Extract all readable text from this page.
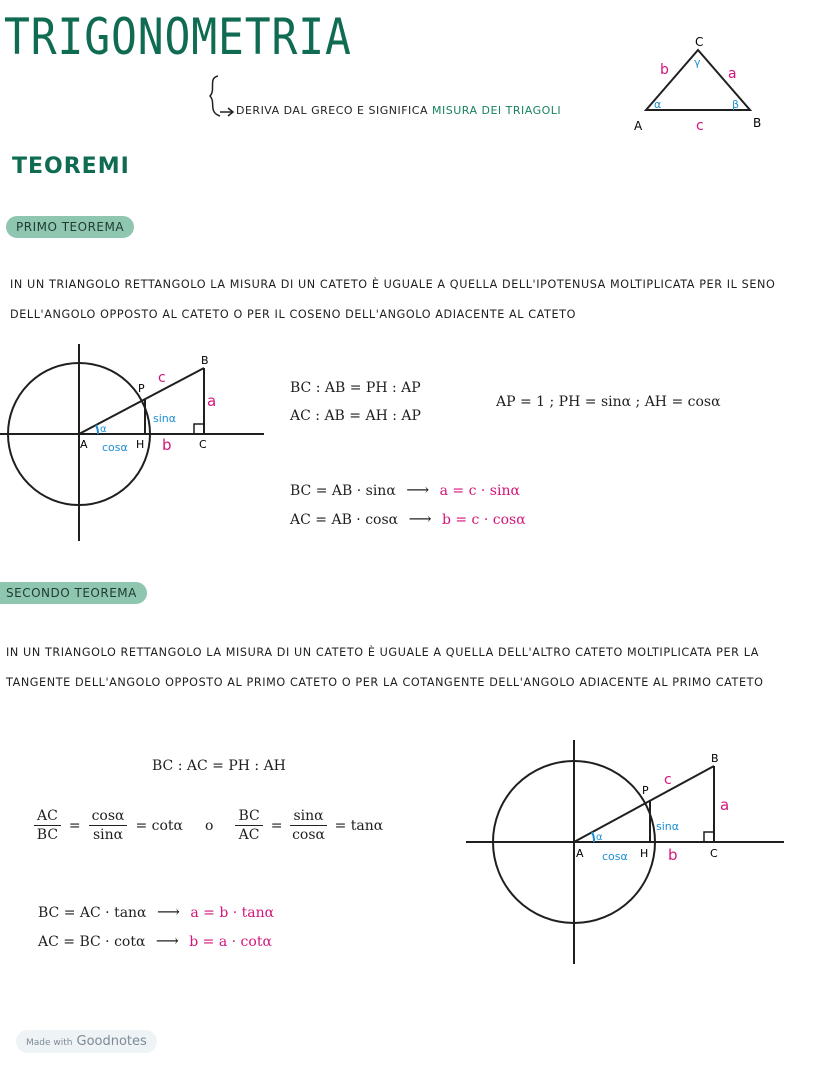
TRIGONOMETRIA
DERIVA DAL GRECO E SIGNIFICA MISURA DEI TRIAGOLI
A	B
C
a
b
c
α	β
γ
TEOREMI
PRIMO TEOREMA
IN UN TRIANGOLO RETTANGOLO LA MISURA DI UN CATETO È UGUALE A QUELLA DELL'IPOTENUSA MOLTIPLICATA PER IL SENO
DELL'ANGOLO OPPOSTO AL CATETO O PER IL COSENO DELL'ANGOLO ADIACENTE AL CATETO
A
B
C
H
P
c
a
b
α
sinα
cosα
BC : AB = PH : AP
AC : AB = AH : AP
AP = 1 ; PH = sinα ; AH = cosα
BC = AB · sinα ⟶ a = c · sinα
AC = AB · cosα ⟶ b = c · cosα
SECONDO TEOREMA
IN UN TRIANGOLO RETTANGOLO LA MISURA DI UN CATETO È UGUALE A QUELLA DELL'ALTRO CATETO MOLTIPLICATA PER LA
TANGENTE DELL'ANGOLO OPPOSTO AL PRIMO CATETO O PER LA COTANGENTE DELL'ANGOLO ADIACENTE AL PRIMO CATETO
BC : AC = PH : AH
$\frac{AC}{BC} = \frac{\cos\alpha}{\sin\alpha} = \cot\alpha$	o	$\frac{BC}{AC} = \frac{\sin\alpha}{\cos\alpha} = \tan\alpha$
BC = AC · tanα ⟶ a = b · tanα
AC = BC · cotα ⟶ b = a · cotα
A
B
C
H
P
c
a
b
α
sinα
cosα
Made with Goodnotes
